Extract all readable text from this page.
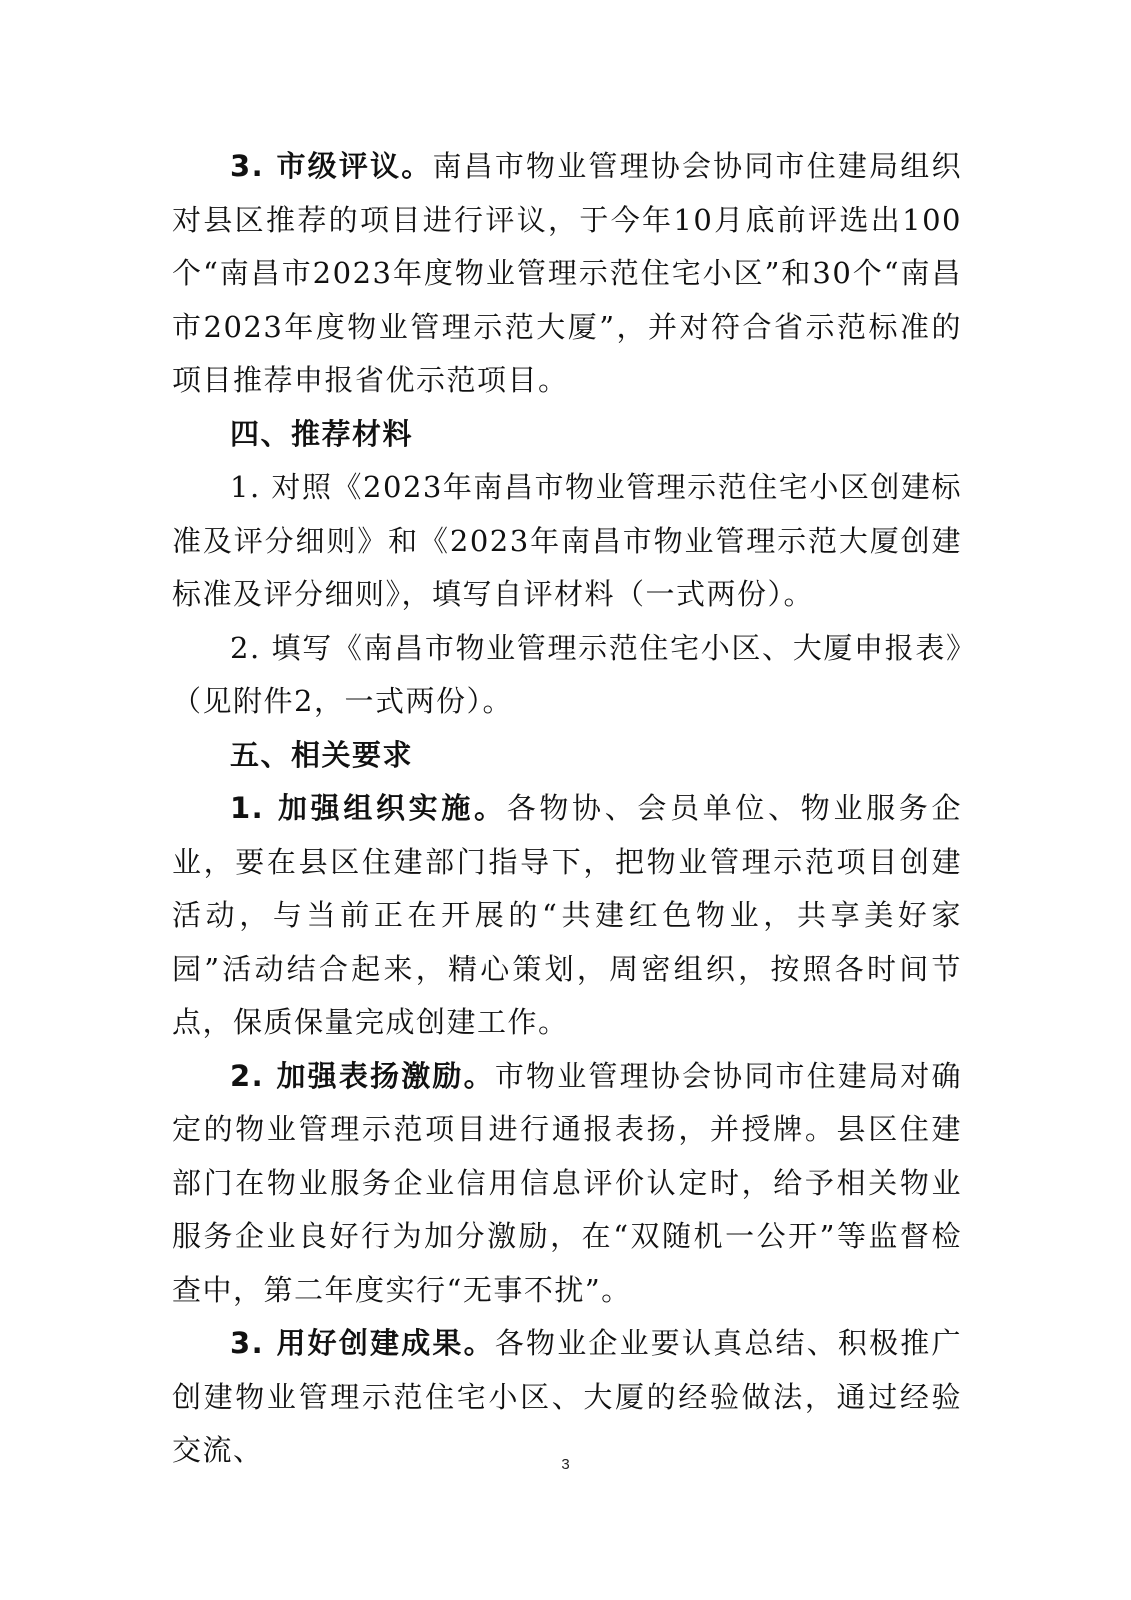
3. 市级评议。南昌市物业管理协会协同市住建局组织对县区推荐的项目进行评议，于今年10月底前评选出100个“南昌市2023年度物业管理示范住宅小区”和30个“南昌市2023年度物业管理示范大厦”，并对符合省示范标准的项目推荐申报省优示范项目。

四、推荐材料

1. 对照《2023年南昌市物业管理示范住宅小区创建标准及评分细则》和《2023年南昌市物业管理示范大厦创建标准及评分细则》，填写自评材料（一式两份）。

2. 填写《南昌市物业管理示范住宅小区、大厦申报表》（见附件2，一式两份）。

五、相关要求

1. 加强组织实施。各物协、会员单位、物业服务企业，要在县区住建部门指导下，把物业管理示范项目创建活动，与当前正在开展的“共建红色物业，共享美好家园”活动结合起来，精心策划，周密组织，按照各时间节点，保质保量完成创建工作。

2. 加强表扬激励。市物业管理协会协同市住建局对确定的物业管理示范项目进行通报表扬，并授牌。县区住建部门在物业服务企业信用信息评价认定时，给予相关物业服务企业良好行为加分激励，在“双随机一公开”等监督检查中，第二年度实行“无事不扰”。

3. 用好创建成果。各物业企业要认真总结、积极推广创建物业管理示范住宅小区、大厦的经验做法，通过经验交流、	3
